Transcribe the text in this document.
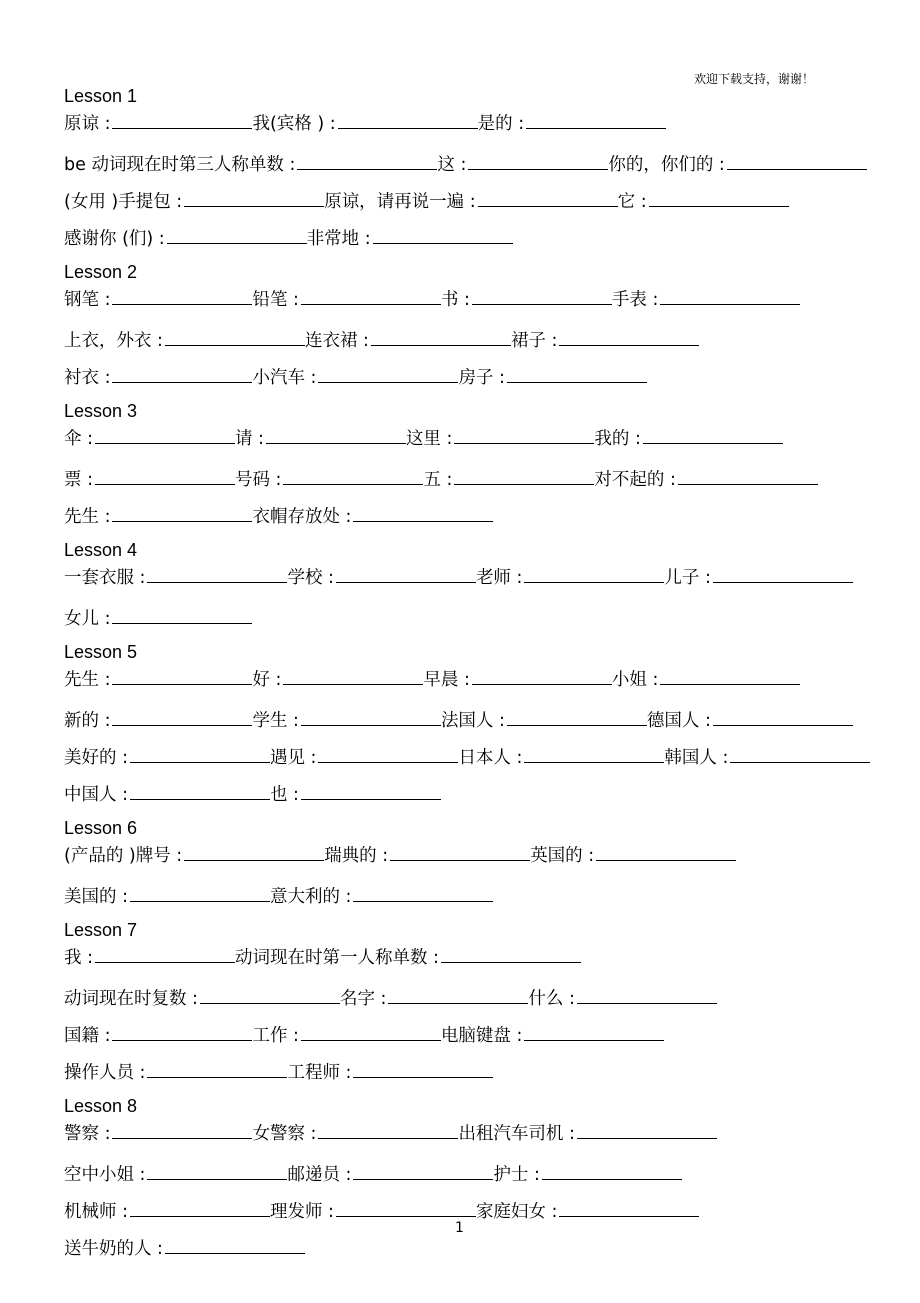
欢迎下载支持，谢谢！
Lesson 1
原谅 :	我(宾格 ) :	是的 :
be 动词现在时第三人称单数 :	这 :	你的，你们的 :
(女用 )手提包 :	原谅，请再说一遍 :	它 :
感谢你 (们) :	非常地 :
Lesson 2
钢笔 :	铅笔 :	书 :	手表 :
上衣，外衣 :	连衣裙 :	裙子 :
衬衣 :	小汽车 :	房子 :
Lesson 3
伞 :	请 :	这里 :	我的 :
票 :	号码 :	五 :	对不起的 :
先生 :	衣帽存放处 :
Lesson 4
一套衣服 :	学校 :	老师 :	儿子 :
女儿 :
Lesson 5
先生 :	好 :	早晨 :	小姐 :
新的 :	学生 :	法国人 :	德国人 :
美好的 :	遇见 :	日本人 :	韩国人 :
中国人 :	也 :
Lesson 6
(产品的 )牌号 :	瑞典的 :	英国的 :
美国的 :	意大利的 :
Lesson 7
我 :	动词现在时第一人称单数 :
动词现在时复数 :	名字 :	什么 :
国籍 :	工作 :	电脑键盘 :
操作人员 :	工程师 :
Lesson 8
警察 :	女警察 :	出租汽车司机 :
空中小姐 :	邮递员 :	护士 :
机械师 :	理发师 :	家庭妇女 :
送牛奶的人 :
1
